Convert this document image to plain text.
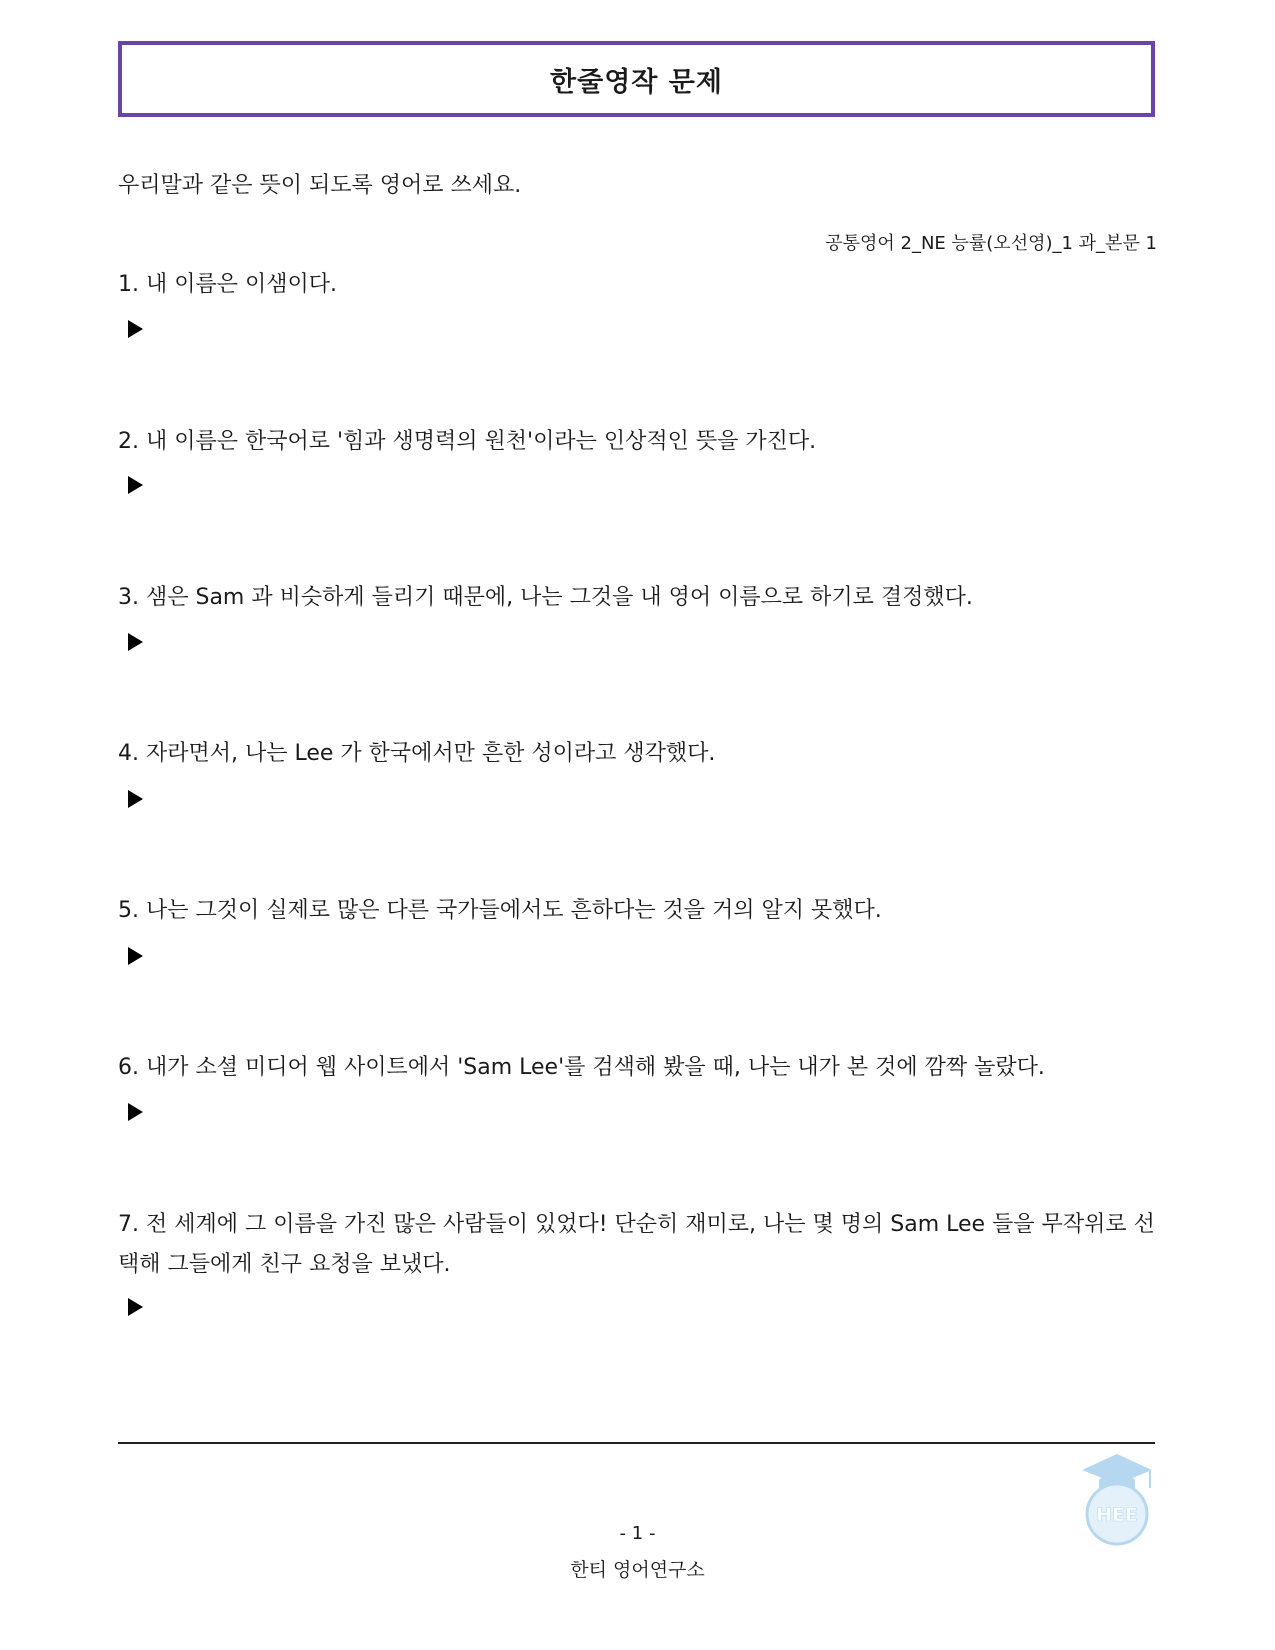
한줄영작 문제
우리말과 같은 뜻이 되도록 영어로 쓰세요.
공통영어 2_NE 능률(오선영)_1 과_본문 1
1. 내 이름은 이샘이다.
2. 내 이름은 한국어로 '힘과 생명력의 원천'이라는 인상적인 뜻을 가진다.
3. 샘은 Sam 과 비슷하게 들리기 때문에, 나는 그것을 내 영어 이름으로 하기로 결정했다.
4. 자라면서, 나는 Lee 가 한국에서만 흔한 성이라고 생각했다.
5. 나는 그것이 실제로 많은 다른 국가들에서도 흔하다는 것을 거의 알지 못했다.
6. 내가 소셜 미디어 웹 사이트에서 'Sam Lee'를 검색해 봤을 때, 나는 내가 본 것에 깜짝 놀랐다.
7. 전 세계에 그 이름을 가진 많은 사람들이 있었다! 단순히 재미로, 나는 몇 명의 Sam Lee 들을 무작위로 선택해 그들에게 친구 요청을 보냈다.
HEE
- 1 -
한티 영어연구소
